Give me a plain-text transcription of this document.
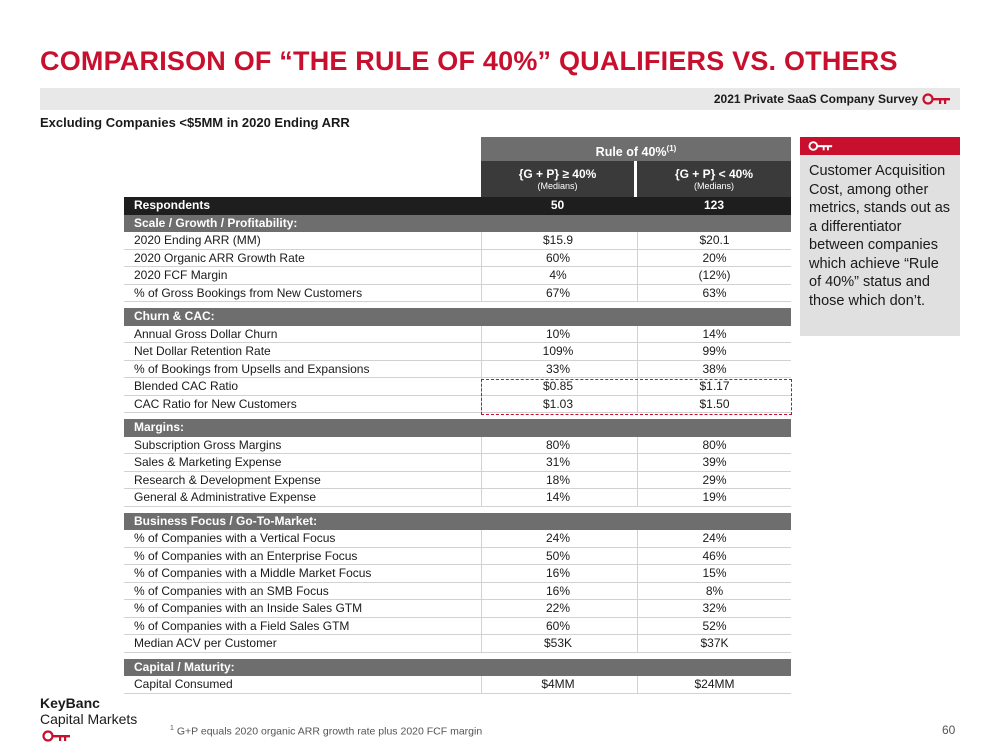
COMPARISON OF “THE RULE OF 40%” QUALIFIERS VS. OTHERS
2021 Private SaaS Company Survey
Excluding Companies <$5MM in 2020 Ending ARR
Rule of 40%$^{(1)}$
{G + P} ≥ 40%
(Medians)
{G + P} < 40%
(Medians)
Respondents	50	123
Scale / Growth / Profitability:
2020 Ending ARR (MM)	$15.9	$20.1
2020 Organic ARR Growth Rate	60%	20%
2020 FCF Margin	4%	(12%)
% of Gross Bookings from New Customers	67%	63%
Churn & CAC:
Annual Gross Dollar Churn	10%	14%
Net Dollar Retention Rate	109%	99%
% of Bookings from Upsells and Expansions	33%	38%
Blended CAC Ratio	$0.85	$1.17
CAC Ratio for New Customers	$1.03	$1.50
Margins:
Subscription Gross Margins	80%	80%
Sales & Marketing Expense	31%	39%
Research & Development Expense	18%	29%
General & Administrative Expense	14%	19%
Business Focus / Go-To-Market:
% of Companies with a Vertical Focus	24%	24%
% of Companies with an Enterprise Focus	50%	46%
% of Companies with a Middle Market Focus	16%	15%
% of Companies with an SMB Focus	16%	8%
% of Companies with an Inside Sales GTM	22%	32%
% of Companies with a Field Sales GTM	60%	52%
Median ACV per Customer	$53K	$37K
Capital / Maturity:
Capital Consumed	$4MM	$24MM
Customer Acquisition Cost, among other metrics, stands out as a differentiator between companies which achieve “Rule of 40%” status and those which don’t.
KeyBanc
Capital Markets
$^1$ G+P equals 2020 organic ARR growth rate plus 2020 FCF margin	60
